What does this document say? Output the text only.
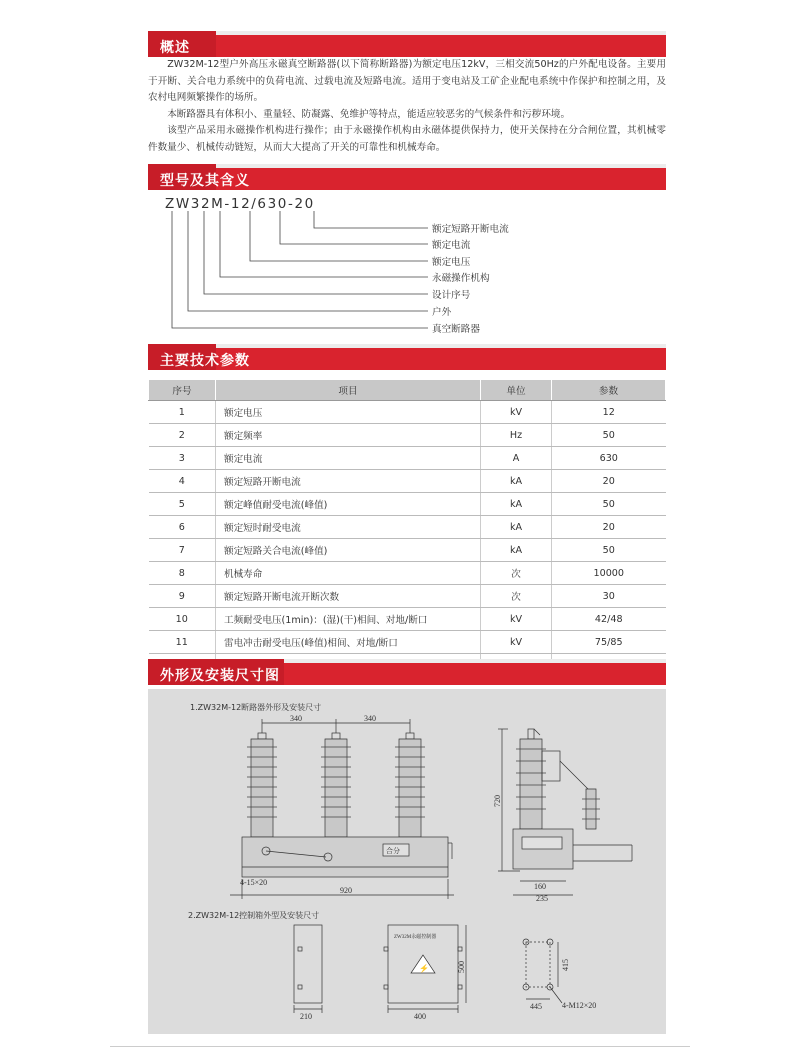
概述

ZW32M-12型户外高压永磁真空断路器(以下简称断路器)为额定电压12kV，三相交流50Hz的户外配电设备。主要用于开断、关合电力系统中的负荷电流、过载电流及短路电流。适用于变电站及工矿企业配电系统中作保护和控制之用，及农村电网频繁操作的场所。

本断路器具有体积小、重量轻、防凝露、免维护等特点，能适应较恶劣的气候条件和污秽环境。

该型产品采用永磁操作机构进行操作；由于永磁操作机构由永磁体提供保持力，使开关保持在分合闸位置，其机械零件数量少、机械传动链短，从而大大提高了开关的可靠性和机械寿命。

型号及其含义
ZW32M-12/630-20
额定短路开断电流
额定电流
额定电压
永磁操作机构
设计序号
户外
真空断路器
主要技术参数
序号	项目	单位	参数
1	额定电压	kV	12
2	额定频率	Hz	50
3	额定电流	A	630
4	额定短路开断电流	kA	20
5	额定峰值耐受电流(峰值)	kA	50
6	额定短时耐受电流	kA	20
7	额定短路关合电流(峰值)	kA	50
8	机械寿命	次	10000
9	额定短路开断电流开断次数	次	30
10	工频耐受电压(1min)：(湿)(干)相间、对地/断口	kV	42/48
11	雷电冲击耐受电压(峰值)相间、对地/断口	kV	75/85

外形及安装尺寸图
1.ZW32M-12断路器外形及安装尺寸
340	340
合分
4-15×20
920
720
160
235
2.ZW32M-12控制箱外型及安装尺寸
210
ZW32M永磁控制器
⚡
400
500	415
445	4-M12×20
